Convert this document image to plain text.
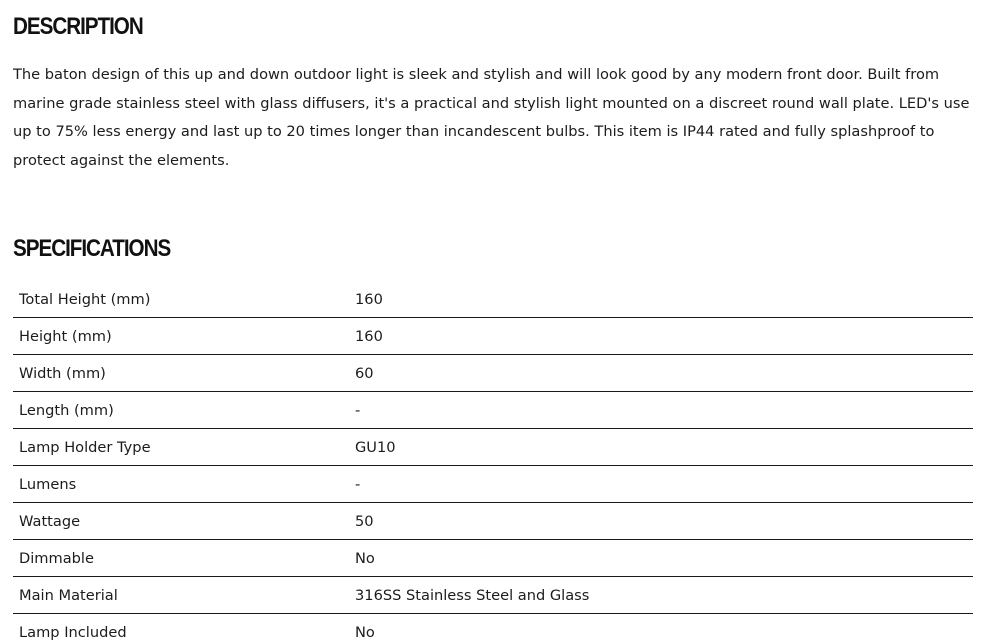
DESCRIPTION

The baton design of this up and down outdoor light is sleek and stylish and will look good by any modern front door. Built from marine grade stainless steel with glass diffusers, it's a practical and stylish light mounted on a discreet round wall plate. LED's use up to 75% less energy and last up to 20 times longer than incandescent bulbs. This item is IP44 rated and fully splashproof to protect against the elements.

SPECIFICATIONS
Total Height (mm)	160
Height (mm)	160
Width (mm)	60
Length (mm)	-
Lamp Holder Type	GU10
Lumens	-
Wattage	50
Dimmable	No
Main Material	316SS Stainless Steel and Glass
Lamp Included	No
